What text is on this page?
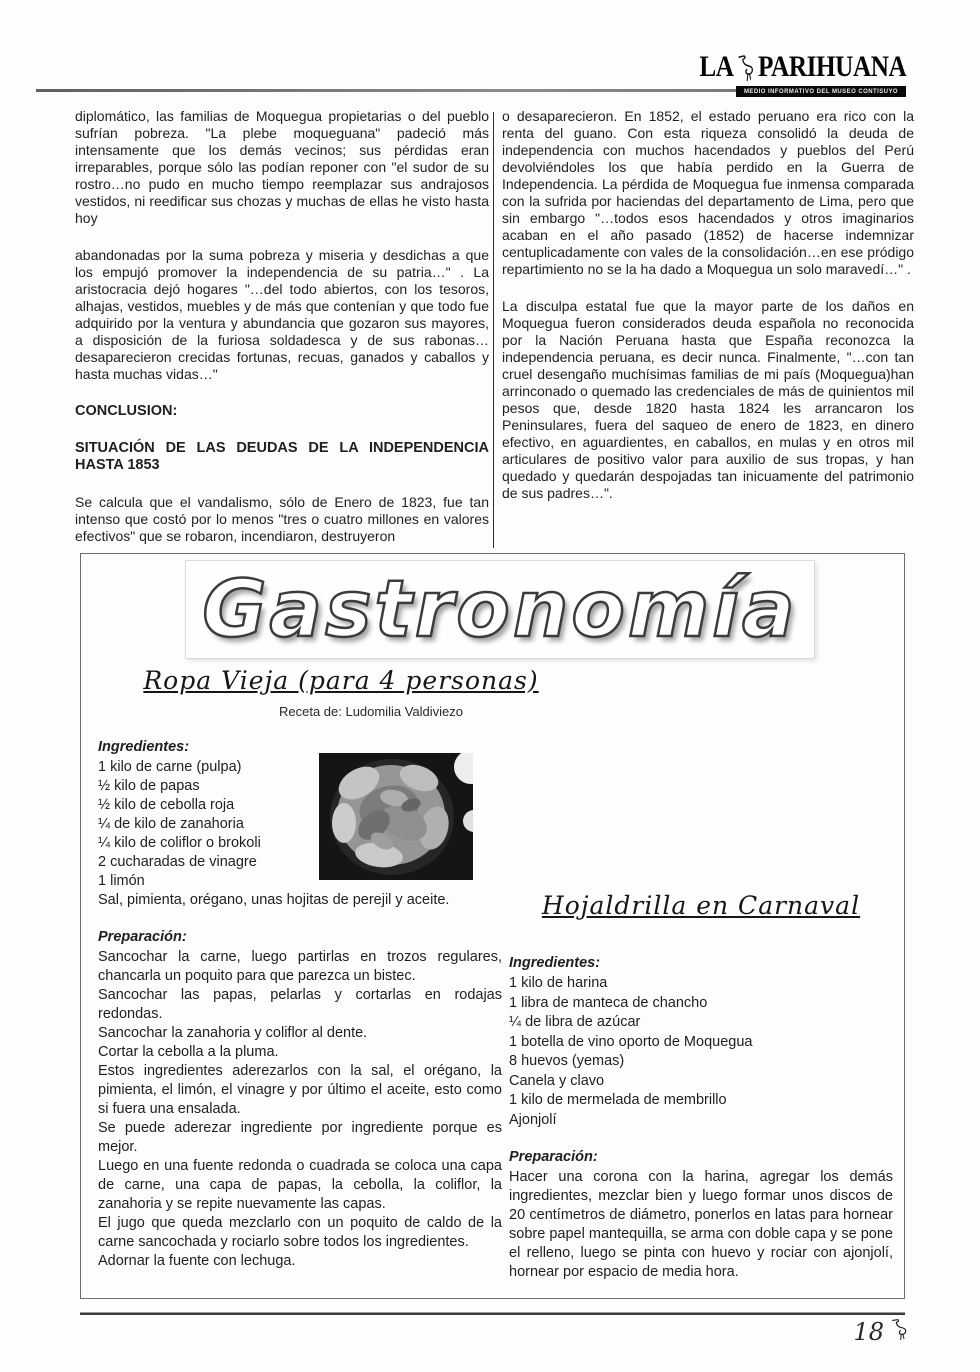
LA PARIHUANA
MEDIO INFORMATIVO DEL MUSEO CONTISUYO

diplomático, las familias de Moquegua propietarias o del pueblo sufrían pobreza. "La plebe moqueguana" padeció más intensamente que los demás vecinos; sus pérdidas eran irreparables, porque sólo las podían reponer con "el sudor de su rostro…no pudo en mucho tiempo reemplazar sus andrajosos vestidos, ni reedificar sus chozas y muchas de ellas he visto hasta hoy

abandonadas por la suma pobreza y miseria y desdichas a que los empujó promover la independencia de su patria…" . La aristocracia dejó hogares "…del todo abiertos, con los tesoros, alhajas, vestidos, muebles y de más que contenían y que todo fue adquirido por la ventura y abundancia que gozaron sus mayores, a disposición de la furiosa soldadesca y de sus rabonas…desaparecieron crecidas fortunas, recuas, ganados y caballos y hasta muchas vidas…"

CONCLUSION:

SITUACIÓN DE LAS DEUDAS DE LA INDEPENDENCIA HASTA 1853

Se calcula que el vandalismo, sólo de Enero de 1823, fue tan intenso que costó por lo menos "tres o cuatro millones en valores efectivos" que se robaron, incendiaron, destruyeron

o desaparecieron. En 1852, el estado peruano era rico con la renta del guano. Con esta riqueza consolidó la deuda de independencia con muchos hacendados y pueblos del Perú devolviéndoles los que había perdido en la Guerra de Independencia. La pérdida de Moquegua fue inmensa comparada con la sufrida por haciendas del departamento de Lima, pero que sin embargo "…todos esos hacendados y otros imaginarios acaban en el año pasado (1852) de hacerse indemnizar centuplicadamente con vales de la consolidación…en ese pródigo repartimiento no se la ha dado a Moquegua un solo maravedí…" .

La disculpa estatal fue que la mayor parte de los daños en Moquegua fueron considerados deuda española no reconocida por la Nación Peruana hasta que España reconozca la independencia peruana, es decir nunca. Finalmente, "…con tan cruel desengaño muchísimas familias de mi país (Moquegua)han arrinconado o quemado las credenciales de más de quinientos mil pesos que, desde 1820 hasta 1824 les arrancaron los Peninsulares, fuera del saqueo de enero de 1823, en dinero efectivo, en aguardientes, en caballos, en mulas y en otros mil articulares de positivo valor para auxilio de sus tropas, y han quedado y quedarán despojadas tan inicuamente del patrimonio de sus padres…".

Gastronomía
Ropa Vieja (para 4 personas)
Receta de: Ludomilia Valdiviezo

Ingredientes:

1 kilo de carne (pulpa)
½ kilo de papas
½ kilo de cebolla roja
¼ de kilo de zanahoria
¼ kilo de coliflor o brokoli
2 cucharadas de vinagre
1 limón
Sal, pimienta, orégano, unas hojitas de perejil y aceite.

Preparación:

Sancochar la carne, luego partirlas en trozos regulares, chancarla un poquito para que parezca un bistec.

Sancochar las papas, pelarlas y cortarlas en rodajas redondas.

Sancochar la zanahoria y coliflor al dente.

Cortar la cebolla a la pluma.

Estos ingredientes aderezarlos con la sal, el orégano, la pimienta, el limón, el vinagre y por último el aceite, esto como si fuera una ensalada.

Se puede aderezar ingrediente por ingrediente porque es mejor.

Luego en una fuente redonda o cuadrada se coloca una capa de carne, una capa de papas, la cebolla, la coliflor, la zanahoria y se repite nuevamente las capas.

El jugo que queda mezclarlo con un poquito de caldo de la carne sancochada y rociarlo sobre todos los ingredientes.

Adornar la fuente con lechuga.

Hojaldrilla en Carnaval

Ingredientes:

1 kilo de harina
1 libra de manteca de chancho
¼ de libra de azúcar
1 botella de vino oporto de Moquegua
8 huevos (yemas)
Canela y clavo
1 kilo de mermelada de membrillo
Ajonjolí

Preparación:

Hacer una corona con la harina, agregar los demás ingredientes, mezclar bien y luego formar unos discos de 20 centímetros de diámetro, ponerlos en latas para hornear sobre papel mantequilla, se arma con doble capa y se pone el relleno, luego se pinta con huevo y rociar con ajonjolí, hornear por espacio de media hora.

18
